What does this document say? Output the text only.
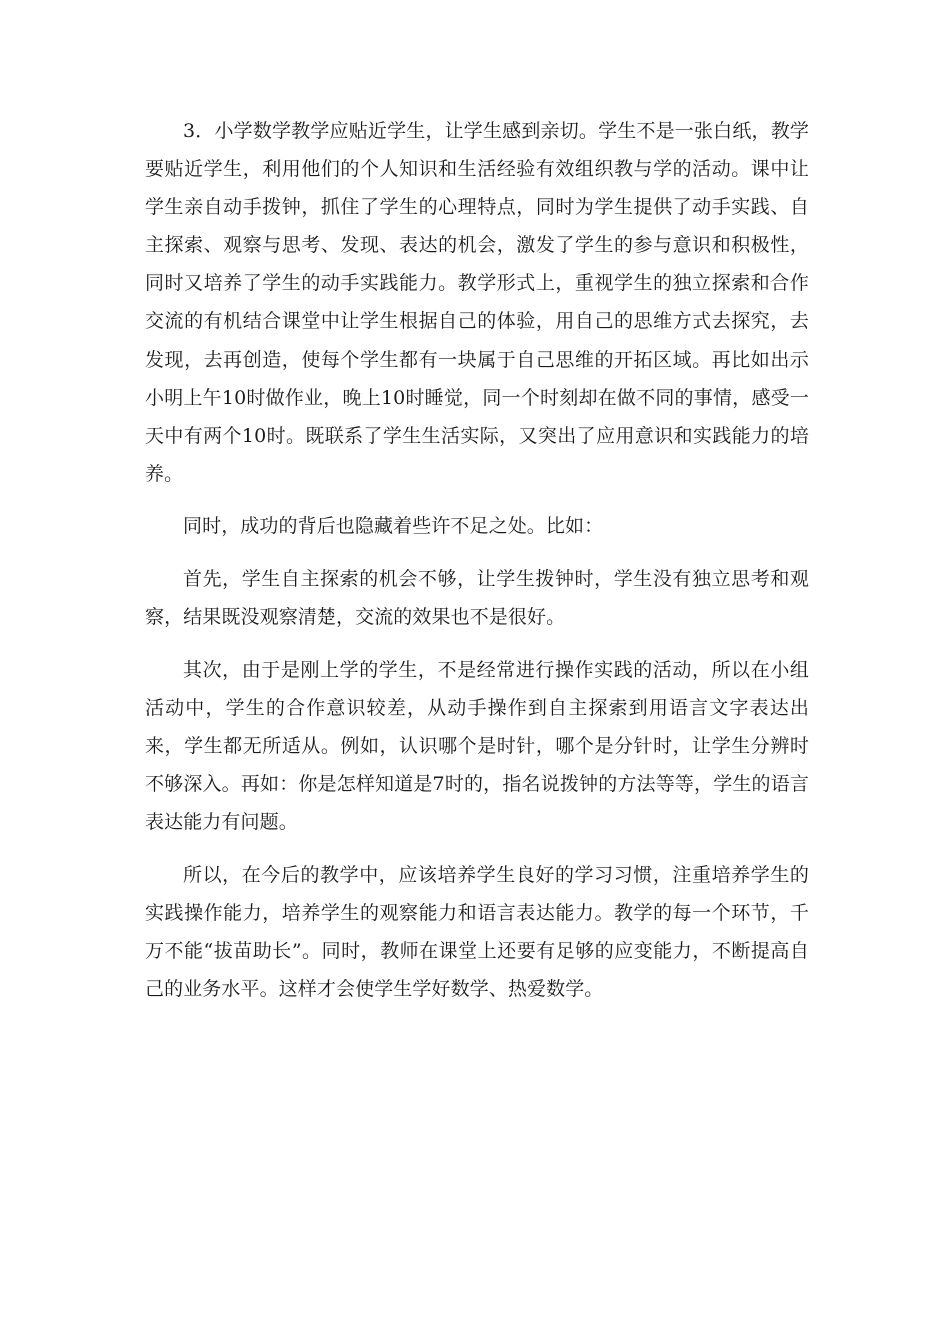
3．小学数学教学应贴近学生，让学生感到亲切。学生不是一张白纸，教学要贴近学生，利用他们的个人知识和生活经验有效组织教与学的活动。课中让学生亲自动手拨钟，抓住了学生的心理特点，同时为学生提供了动手实践、自主探索、观察与思考、发现、表达的机会，激发了学生的参与意识和积极性，同时又培养了学生的动手实践能力。教学形式上，重视学生的独立探索和合作交流的有机结合课堂中让学生根据自己的体验，用自己的思维方式去探究，去发现，去再创造，使每个学生都有一块属于自己思维的开拓区域。再比如出示小明上午10时做作业，晚上10时睡觉，同一个时刻却在做不同的事情，感受一天中有两个10时。既联系了学生生活实际，又突出了应用意识和实践能力的培养。

同时，成功的背后也隐藏着些许不足之处。比如：

首先，学生自主探索的机会不够，让学生拨钟时，学生没有独立思考和观察，结果既没观察清楚，交流的效果也不是很好。

其次，由于是刚上学的学生，不是经常进行操作实践的活动，所以在小组活动中，学生的合作意识较差，从动手操作到自主探索到用语言文字表达出来，学生都无所适从。例如，认识哪个是时针，哪个是分针时，让学生分辨时不够深入。再如：你是怎样知道是7时的，指名说拨钟的方法等等，学生的语言表达能力有问题。

所以，在今后的教学中，应该培养学生良好的学习习惯，注重培养学生的实践操作能力，培养学生的观察能力和语言表达能力。教学的每一个环节，千万不能“拔苗助长”。同时，教师在课堂上还要有足够的应变能力，不断提高自己的业务水平。这样才会使学生学好数学、热爱数学。
